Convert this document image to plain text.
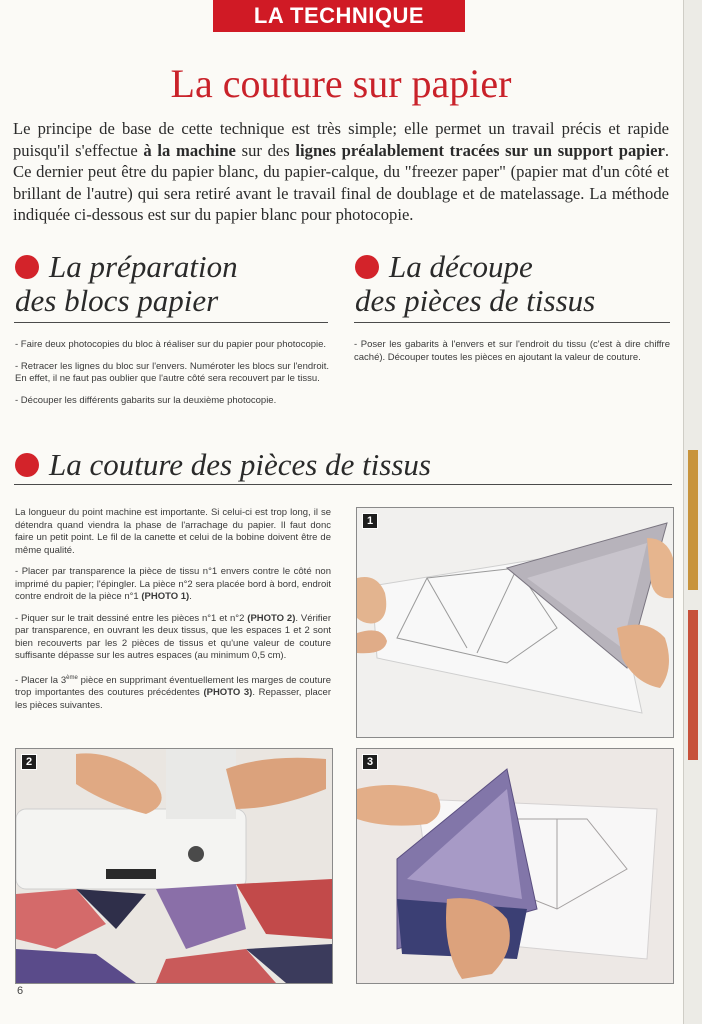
LA TECHNIQUE
La couture sur papier

Le principe de base de cette technique est très simple; elle permet un travail précis et rapide puisqu'il s'effectue à la machine sur des lignes préalablement tracées sur un support papier. Ce dernier peut être du papier blanc, du papier-calque, du "freezer paper" (papier mat d'un côté et brillant de l'autre) qui sera retiré avant le travail final de doublage et de matelassage. La méthode indiquée ci-dessous est sur du papier blanc pour photocopie.

La préparation
des blocs papier

- Faire deux photocopies du bloc à réaliser sur du papier pour photocopie.

- Retracer les lignes du bloc sur l'envers. Numéroter les blocs sur l'endroit. En effet, il ne faut pas oublier que l'autre côté sera recouvert par le tissu.

- Découper les différents gabarits sur la deuxième photocopie.

La découpe
des pièces de tissus

- Poser les gabarits à l'envers et sur l'endroit du tissu (c'est à dire chiffre caché). Découper toutes les pièces en ajoutant la valeur de couture.

La couture des pièces de tissus

La longueur du point machine est importante. Si celui-ci est trop long, il se détendra quand viendra la phase de l'arrachage du papier. Il faut donc faire un petit point. Le fil de la canette et celui de la bobine doivent être de même qualité.

- Placer par transparence la pièce de tissu n°1 envers contre le côté non imprimé du papier; l'épingler. La pièce n°2 sera placée bord à bord, endroit contre endroit de la pièce n°1 (PHOTO 1).

- Piquer sur le trait dessiné entre les pièces n°1 et n°2 (PHOTO 2). Vérifier par transparence, en ouvrant les deux tissus, que les espaces 1 et 2 sont bien recouverts par les 2 pièces de tissus et qu'une valeur de couture suffisante dépasse sur les autres espaces (au minimum 0,5 cm).

- Placer la 3ème pièce en supprimant éventuellement les marges de couture trop importantes des coutures précédentes (PHOTO 3). Repasser, placer les pièces suivantes.

1
2	3
6
